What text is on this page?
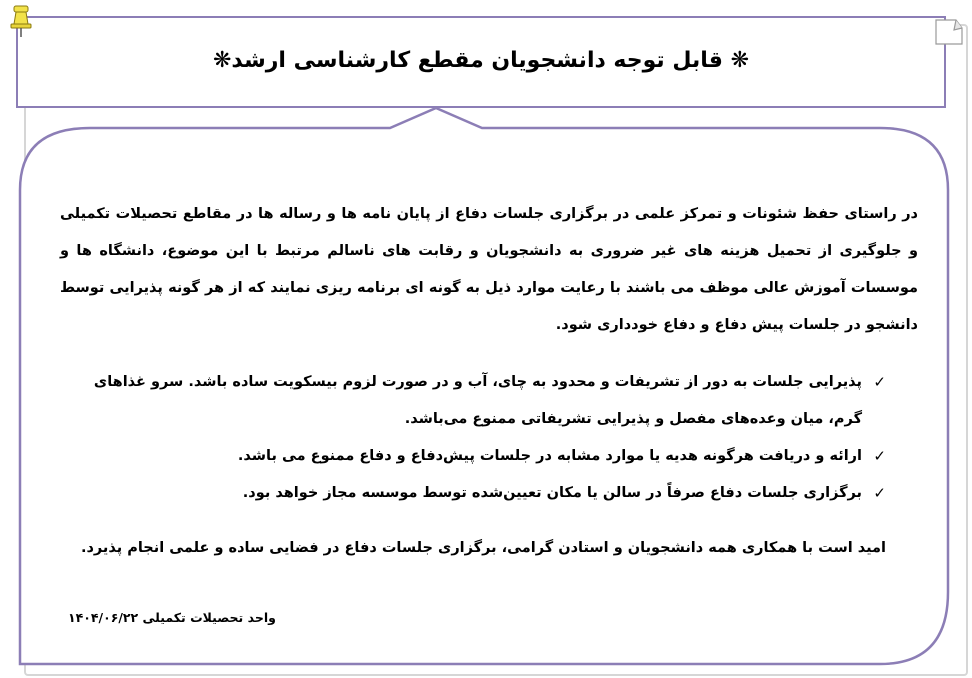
❋ قابل توجه دانشجویان مقطع کارشناسی ارشد❋

در راستای حفظ شئونات و تمرکز علمی در برگزاری جلسات دفاع از پایان نامه ها و رساله ها در مقاطع تحصیلات تکمیلی و جلوگیری از تحمیل هزینه های غیر ضروری به دانشجویان و رقابت های ناسالم مرتبط با این موضوع، دانشگاه ها و موسسات آموزش عالی موظف می باشند با رعایت موارد ذیل به گونه ای برنامه ریزی نمایند که از هر گونه پذیرایی توسط دانشجو در جلسات پیش دفاع و دفاع خودداری شود.

✓
پذیرایی جلسات به دور از تشریفات و محدود به چای، آب و در صورت لزوم بیسکویت ساده باشد. سرو غذاهای گرم، میان وعده‌های مفصل و پذیرایی تشریفاتی ممنوع می‌باشد.
✓
ارائه و دریافت هرگونه هدیه یا موارد مشابه در جلسات پیش‌دفاع و دفاع ممنوع می باشد.
✓
برگزاری جلسات دفاع صرفاً در سالن یا مکان تعیین‌شده توسط موسسه مجاز خواهد بود.

امید است با همکاری همه دانشجویان و استادن گرامی، برگزاری جلسات دفاع در فضایی ساده و علمی انجام پذیرد.

واحد تحصیلات تکمیلی ۱۴۰۴/۰۶/۲۲
